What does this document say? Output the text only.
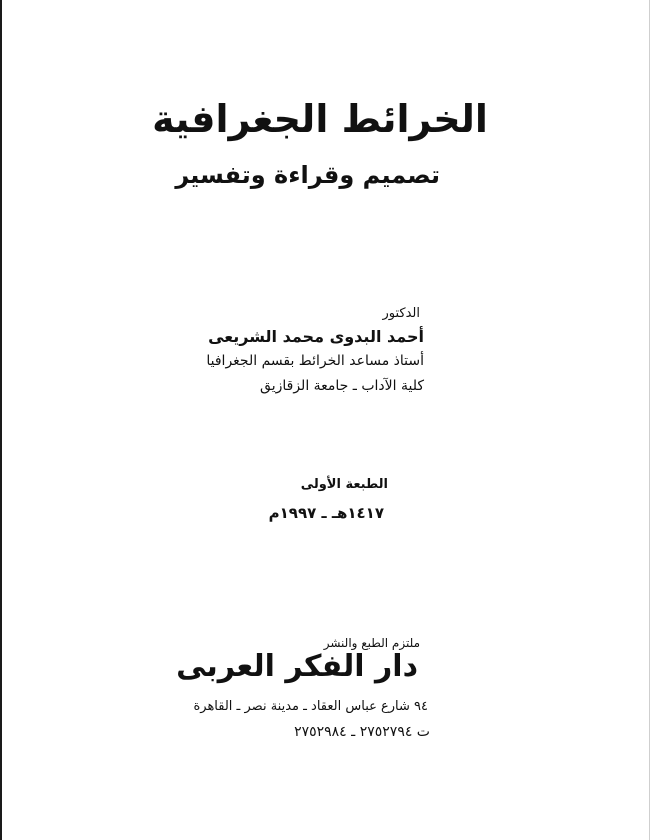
الخرائط الجغرافية
تصميم وقراءة وتفسير
الدكتور
أحمد البدوى محمد الشريعى
أستاذ مساعد الخرائط بقسم الجغرافيا
كلية الآداب ـ جامعة الزقازيق
الطبعة الأولى
١٤١٧هـ ـ ١٩٩٧م
ملتزم الطبع والنشر
دار الفكر العربى
٩٤ شارع عباس العقاد ـ مدينة نصر ـ القاهرة
ت ٢٧٥٢٧٩٤ ـ ٢٧٥٢٩٨٤
